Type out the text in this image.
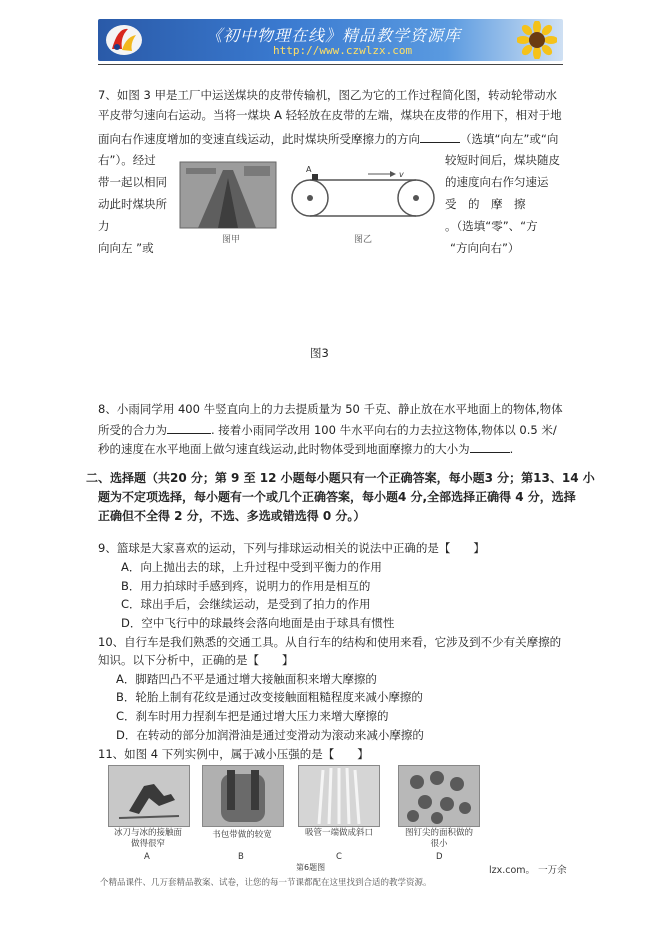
《初中物理在线》精品教学资源库
http://www.czwlzx.com
7、如图 3 甲是工厂中运送煤块的皮带传输机，图乙为它的工作过程简化图，转动轮带动水
平皮带匀速向右运动。当将一煤块 A 轻轻放在皮带的左端，煤块在皮带的作用下，相对于地
面向右作速度增加的变速直线运动，此时煤块所受摩擦力的方向	（选填“向左”或“向
右”）。经过	较短时间后，煤块随皮
带一起以相同	的速度向右作匀速运
动此时煤块所	受　的　摩　擦
力	。（选填“零”、“方
向向左 ”或	“方向向右”）
A
v
图甲	图乙
图3
8、小雨同学用 400 牛竖直向上的力去提质量为 50 千克、静止放在水平地面上的物体,物体
所受的合力为	. 接着小雨同学改用 100 牛水平向右的力去拉这物体,物体以 0.5 米/
秒的速度在水平地面上做匀速直线运动,此时物体受到地面摩擦力的大小为	.
二、选择题（共20 分；第 9 至 12 小题每小题只有一个正确答案，每小题3 分；第13、14 小
题为不定项选择，每小题有一个或几个正确答案，每小题4 分,全部选择正确得 4 分，选择
正确但不全得 2 分，不选、多选或错选得 0 分。）
9、篮球是大家喜欢的运动，下列与排球运动相关的说法中正确的是【　　】
A．向上抛出去的球，上升过程中受到平衡力的作用
B．用力拍球时手感到疼，说明力的作用是相互的
C．球出手后，会继续运动，是受到了拍力的作用
D．空中飞行中的球最终会落向地面是由于球具有惯性
10、自行车是我们熟悉的交通工具。从自行车的结构和使用来看，它涉及到不少有关摩擦的
知识。以下分析中，正确的是【　　】
A．脚踏凹凸不平是通过增大接触面积来增大摩擦的
B．轮胎上制有花纹是通过改变接触面粗糙程度来减小摩擦的
C．刹车时用力捏刹车把是通过增大压力来增大摩擦的
D．在转动的部分加润滑油是通过变滑动为滚动来减小摩擦的
11、如图 4 下列实例中，属于减小压强的是【　　】
冰刀与冰的接触面做得很窄
A
书包带做的较宽
B
吸管一端做成斜口
C
图钉尖的面积做的很小
D
第6题图	lzx.com。 一万余
个精品课件、几万套精品教案、试卷，让您的每一节课都配在这里找到合适的教学资源。
